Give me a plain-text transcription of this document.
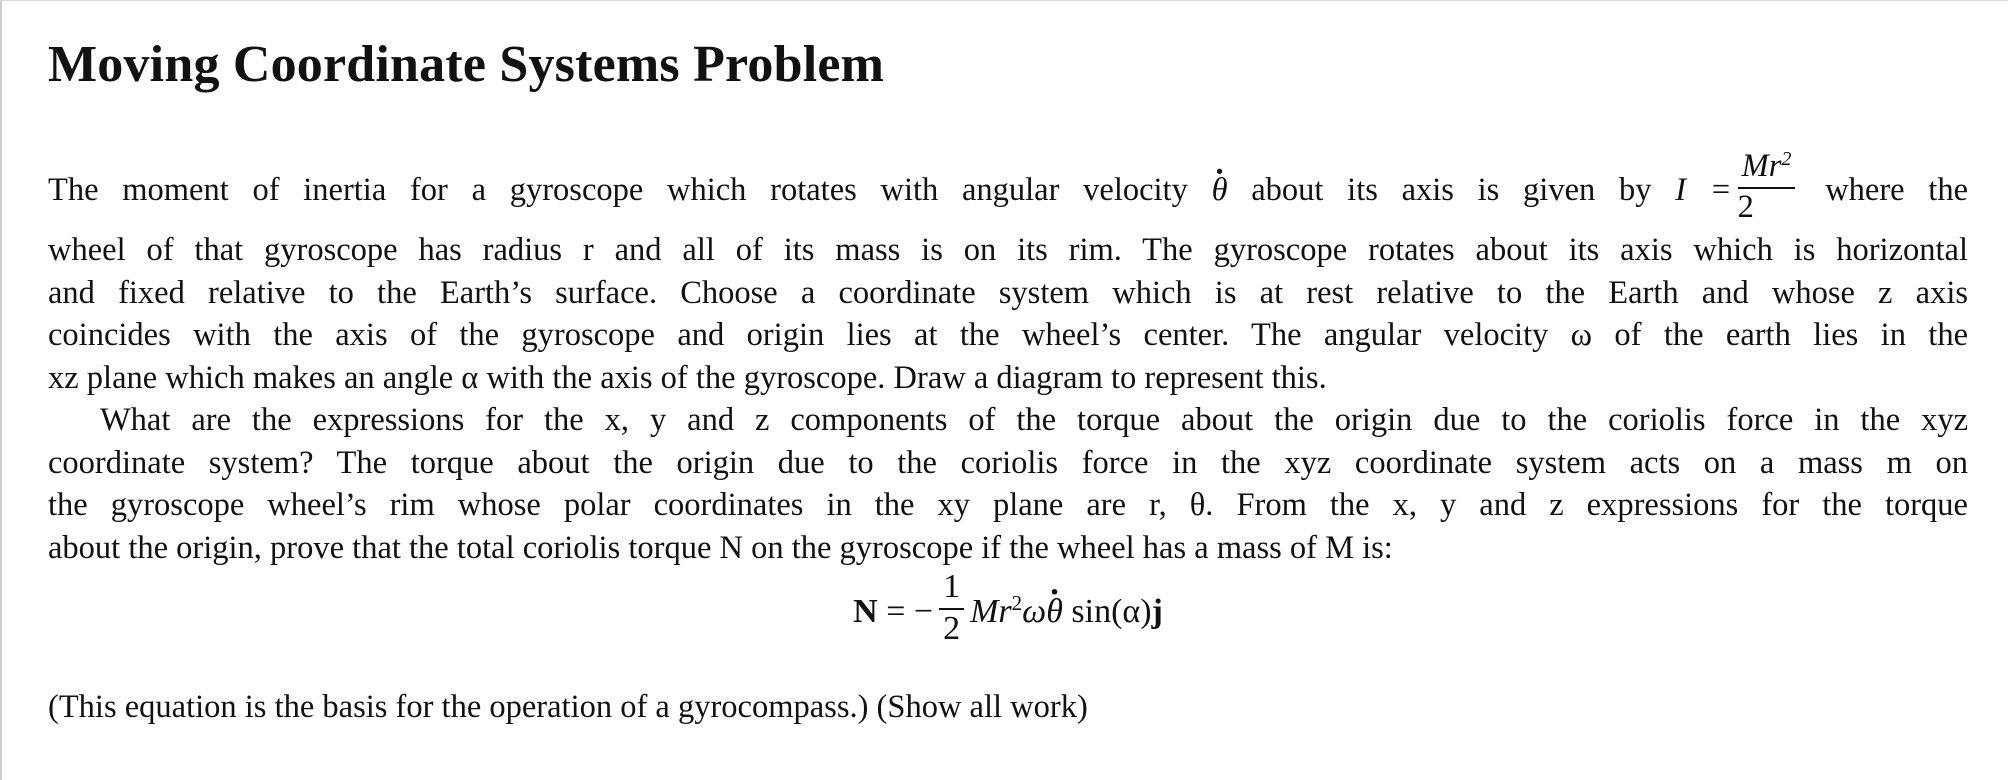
Moving Coordinate Systems Problem
The moment of inertia for a gyroscope which rotates with angular velocity θ · about its axis is given by $I = \frac{Mr^2}{2}$ where the
wheel of that gyroscope has radius r and all of its mass is on its rim. The gyroscope rotates about its axis which is horizontal
and fixed relative to the Earth’s surface. Choose a coordinate system which is at rest relative to the Earth and whose z axis
coincides with the axis of the gyroscope and origin lies at the wheel’s center. The angular velocity ω of the earth lies in the
xz plane which makes an angle α with the axis of the gyroscope. Draw a diagram to represent this.
What are the expressions for the x, y and z components of the torque about the origin due to the coriolis force in the xyz
coordinate system? The torque about the origin due to the coriolis force in the xyz coordinate system acts on a mass m on
the gyroscope wheel’s rim whose polar coordinates in the xy plane are r, θ. From the x, y and z expressions for the torque
about the origin, prove that the total coriolis torque N on the gyroscope if the wheel has a mass of M is:
N = − $\frac{1}{2} Mr^2\omega\theta \cdot \sin(\alpha)j$
(This equation is the basis for the operation of a gyrocompass.) (Show all work)
